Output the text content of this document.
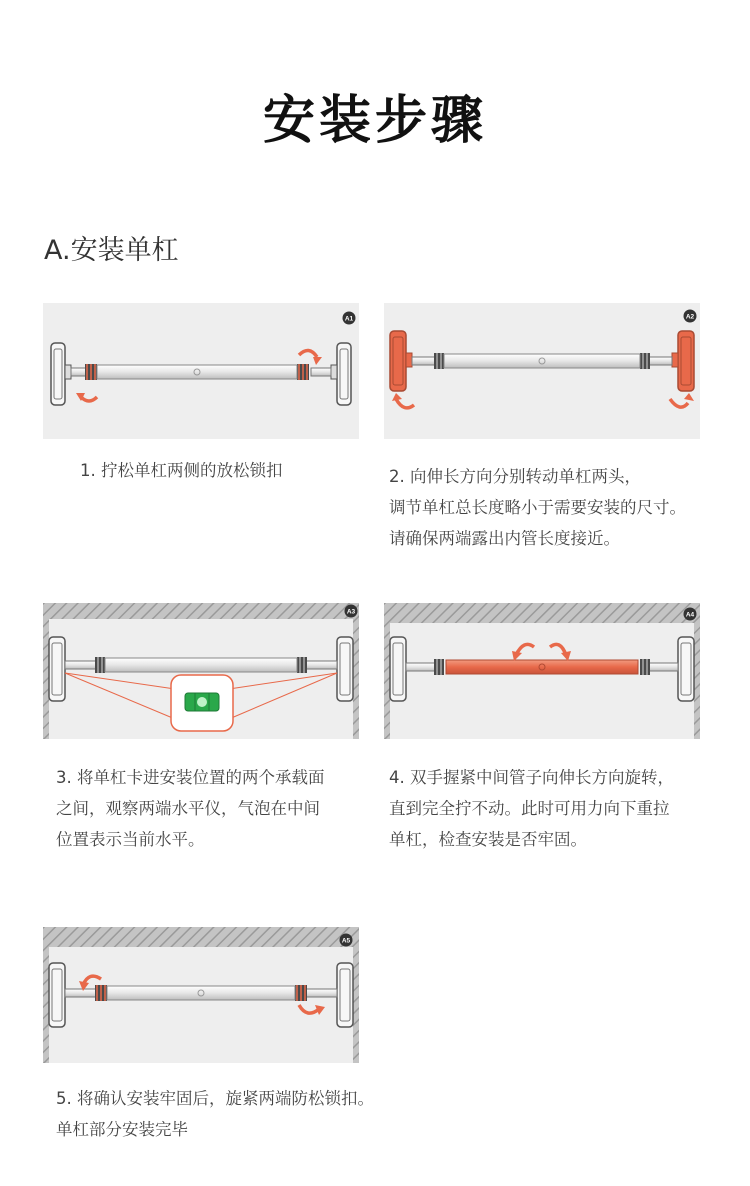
安装步骤
A.安装单杠
A1
1. 拧松单杠两侧的放松锁扣
A2
2. 向伸长方向分别转动单杠两头，
调节单杠总长度略小于需要安装的尺寸。
请确保两端露出内管长度接近。
A3
3. 将单杠卡进安装位置的两个承载面
之间，观察两端水平仪，气泡在中间
位置表示当前水平。
A4
4. 双手握紧中间管子向伸长方向旋转，
直到完全拧不动。此时可用力向下重拉
单杠，检查安装是否牢固。
A5
5. 将确认安装牢固后，旋紧两端防松锁扣。
单杠部分安装完毕
